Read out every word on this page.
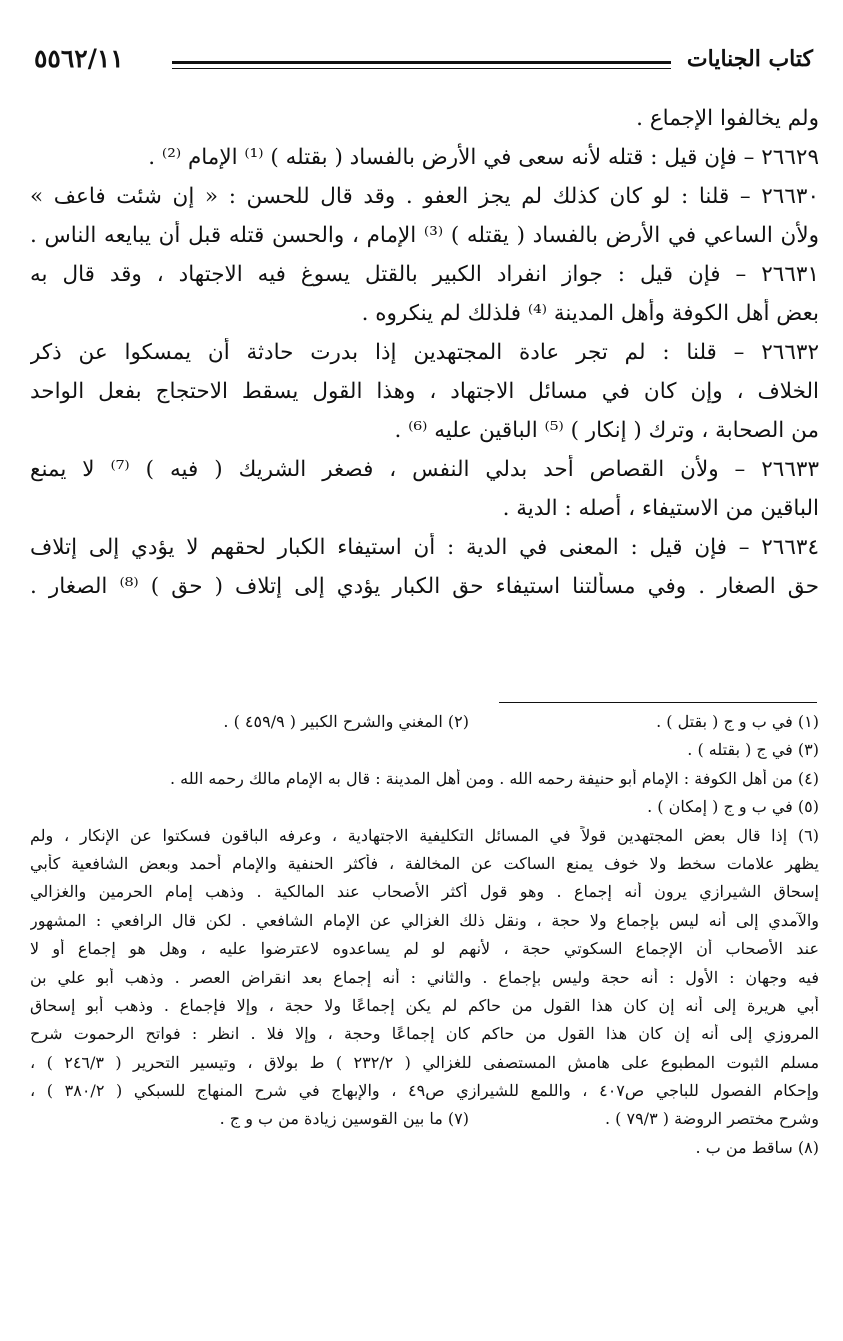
كتاب الجنايات
٥٥٦٢/١١

ولم يخالفوا الإجماع .

٢٦٦٢٩ – فإن قيل : قتله لأنه سعى في الأرض بالفساد ( بقتله ) ⁽¹⁾ الإمام ⁽²⁾ .

٢٦٦٣٠ – قلنا : لو كان كذلك لم يجز العفو . وقد قال للحسن : « إن شئت فاعف »

ولأن الساعي في الأرض بالفساد ( يقتله ) ⁽³⁾ الإمام ، والحسن قتله قبل أن يبايعه الناس .

٢٦٦٣١ – فإن قيل : جواز انفراد الكبير بالقتل يسوغ فيه الاجتهاد ، وقد قال به

بعض أهل الكوفة وأهل المدينة ⁽⁴⁾ فلذلك لم ينكروه .

٢٦٦٣٢ – قلنا : لم تجر عادة المجتهدين إذا بدرت حادثة أن يمسكوا عن ذكر

الخلاف ، وإن كان في مسائل الاجتهاد ، وهذا القول يسقط الاحتجاج بفعل الواحد

من الصحابة ، وترك ( إنكار ) ⁽⁵⁾ الباقين عليه ⁽⁶⁾ .

٢٦٦٣٣ – ولأن القصاص أحد بدلي النفس ، فصغر الشريك ( فيه ) ⁽⁷⁾ لا يمنع

الباقين من الاستيفاء ، أصله : الدية .

٢٦٦٣٤ – فإن قيل : المعنى في الدية : أن استيفاء الكبار لحقهم لا يؤدي إلى إتلاف

حق الصغار . وفي مسألتنا استيفاء حق الكبار يؤدي إلى إتلاف ( حق ) ⁽⁸⁾ الصغار .

(١) في ب و ج ( بقتل ) .
(٢) المغني والشرح الكبير ( ٤٥٩/٩ ) .
(٣) في ج ( بقتله ) .
(٤) من أهل الكوفة : الإمام أبو حنيفة رحمه الله . ومن أهل المدينة : قال به الإمام مالك رحمه الله .
(٥) في ب و ج ( إمكان ) .
(٦) إذا قال بعض المجتهدين قولاً في المسائل التكليفية الاجتهادية ، وعرفه الباقون فسكتوا عن الإنكار ، ولم
يظهر علامات سخط ولا خوف يمنع الساكت عن المخالفة ، فأكثر الحنفية والإمام أحمد وبعض الشافعية كأبي
إسحاق الشيرازي يرون أنه إجماع . وهو قول أكثر الأصحاب عند المالكية . وذهب إمام الحرمين والغزالي
والآمدي إلى أنه ليس بإجماع ولا حجة ، ونقل ذلك الغزالي عن الإمام الشافعي . لكن قال الرافعي : المشهور
عند الأصحاب أن الإجماع السكوتي حجة ، لأنهم لو لم يساعدوه لاعترضوا عليه ، وهل هو إجماع أو لا
فيه وجهان : الأول : أنه حجة وليس بإجماع . والثاني : أنه إجماع بعد انقراض العصر . وذهب أبو علي بن
أبي هريرة إلى أنه إن كان هذا القول من حاكم لم يكن إجماعًا ولا حجة ، وإلا فإجماع . وذهب أبو إسحاق
المروزي إلى أنه إن كان هذا القول من حاكم كان إجماعًا وحجة ، وإلا فلا . انظر : فواتح الرحموت شرح
مسلم الثبوت المطبوع على هامش المستصفى للغزالي ( ٢٣٢/٢ ) ط بولاق ، وتيسير التحرير ( ٢٤٦/٣ ) ،
وإحكام الفصول للباجي ص٤٠٧ ، واللمع للشيرازي ص٤٩ ، والإبهاج في شرح المنهاج للسبكي ( ٣٨٠/٢ ) ،
وشرح مختصر الروضة ( ٧٩/٣ ) .
(٧) ما بين القوسين زيادة من ب و ج .
(٨) ساقط من ب .
